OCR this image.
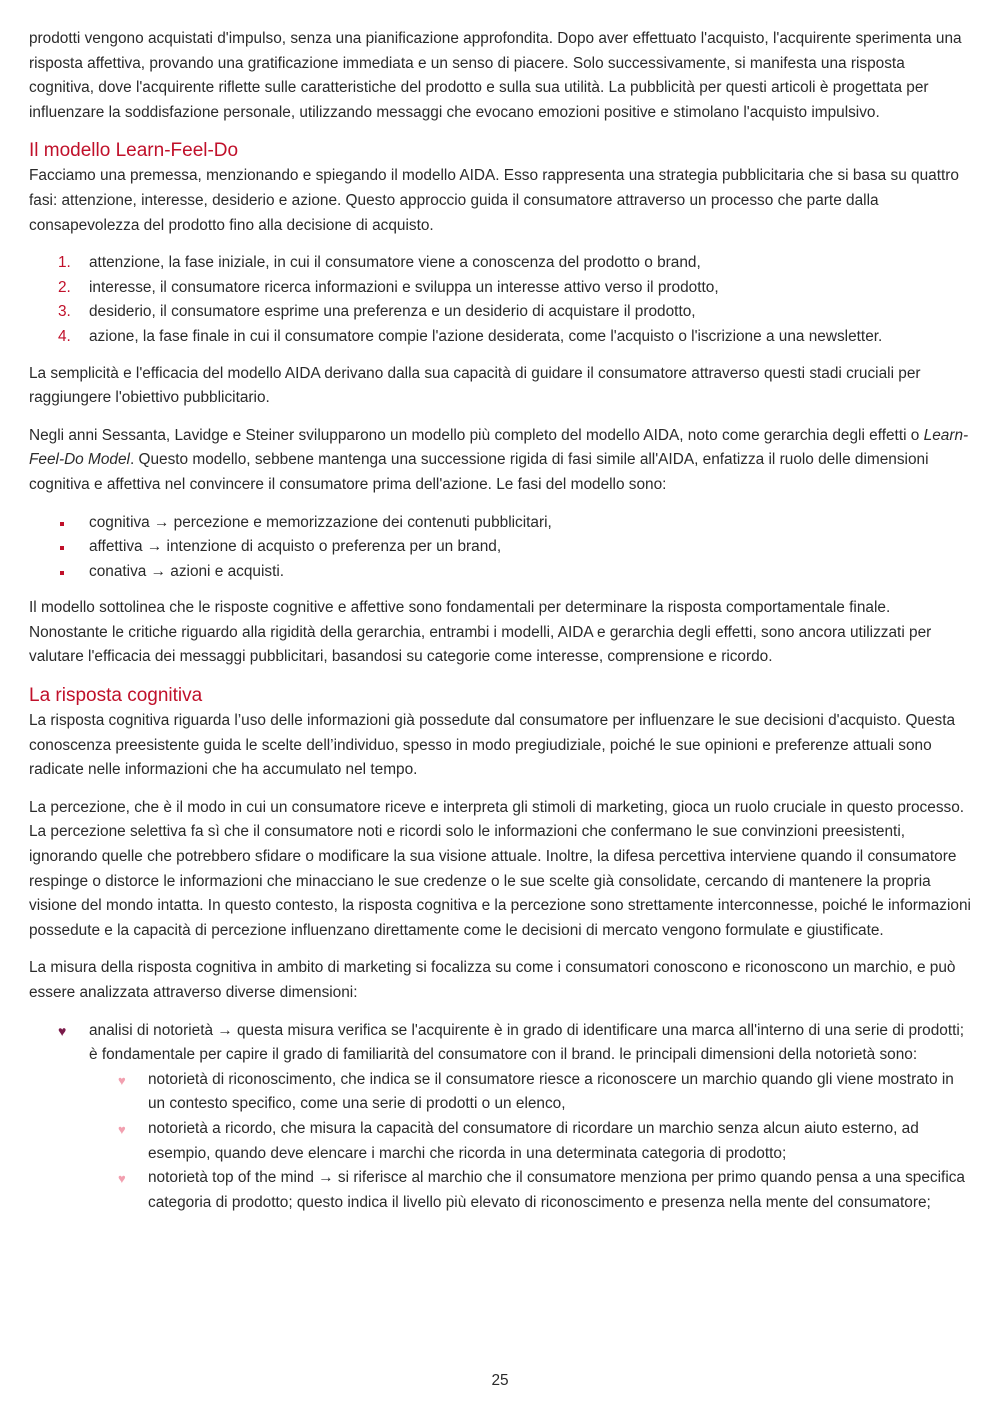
prodotti vengono acquistati d'impulso, senza una pianificazione approfondita. Dopo aver effettuato l'acquisto, l'acquirente sperimenta una risposta affettiva, provando una gratificazione immediata e un senso di piacere. Solo successivamente, si manifesta una risposta cognitiva, dove l'acquirente riflette sulle caratteristiche del prodotto e sulla sua utilità. La pubblicità per questi articoli è progettata per influenzare la soddisfazione personale, utilizzando messaggi che evocano emozioni positive e stimolano l'acquisto impulsivo.

Il modello Learn-Feel-Do

Facciamo una premessa, menzionando e spiegando il modello AIDA. Esso rappresenta una strategia pubblicitaria che si basa su quattro fasi: attenzione, interesse, desiderio e azione. Questo approccio guida il consumatore attraverso un processo che parte dalla consapevolezza del prodotto fino alla decisione di acquisto.

1. attenzione, la fase iniziale, in cui il consumatore viene a conoscenza del prodotto o brand,
2. interesse, il consumatore ricerca informazioni e sviluppa un interesse attivo verso il prodotto,
3. desiderio, il consumatore esprime una preferenza e un desiderio di acquistare il prodotto,
4. azione, la fase finale in cui il consumatore compie l'azione desiderata, come l'acquisto o l'iscrizione a una newsletter.

La semplicità e l'efficacia del modello AIDA derivano dalla sua capacità di guidare il consumatore attraverso questi stadi cruciali per raggiungere l'obiettivo pubblicitario.

Negli anni Sessanta, Lavidge e Steiner svilupparono un modello più completo del modello AIDA, noto come gerarchia degli effetti o Learn-Feel-Do Model. Questo modello, sebbene mantenga una successione rigida di fasi simile all'AIDA, enfatizza il ruolo delle dimensioni cognitiva e affettiva nel convincere il consumatore prima dell'azione. Le fasi del modello sono:

cognitiva → percezione e memorizzazione dei contenuti pubblicitari,
affettiva → intenzione di acquisto o preferenza per un brand,
conativa → azioni e acquisti.

Il modello sottolinea che le risposte cognitive e affettive sono fondamentali per determinare la risposta comportamentale finale. Nonostante le critiche riguardo alla rigidità della gerarchia, entrambi i modelli, AIDA e gerarchia degli effetti, sono ancora utilizzati per valutare l'efficacia dei messaggi pubblicitari, basandosi su categorie come interesse, comprensione e ricordo.

La risposta cognitiva

La risposta cognitiva riguarda l’uso delle informazioni già possedute dal consumatore per influenzare le sue decisioni d'acquisto. Questa conoscenza preesistente guida le scelte dell’individuo, spesso in modo pregiudiziale, poiché le sue opinioni e preferenze attuali sono radicate nelle informazioni che ha accumulato nel tempo.

La percezione, che è il modo in cui un consumatore riceve e interpreta gli stimoli di marketing, gioca un ruolo cruciale in questo processo. La percezione selettiva fa sì che il consumatore noti e ricordi solo le informazioni che confermano le sue convinzioni preesistenti, ignorando quelle che potrebbero sfidare o modificare la sua visione attuale. Inoltre, la difesa percettiva interviene quando il consumatore respinge o distorce le informazioni che minacciano le sue credenze o le sue scelte già consolidate, cercando di mantenere la propria visione del mondo intatta. In questo contesto, la risposta cognitiva e la percezione sono strettamente interconnesse, poiché le informazioni possedute e la capacità di percezione influenzano direttamente come le decisioni di mercato vengono formulate e giustificate.

La misura della risposta cognitiva in ambito di marketing si focalizza su come i consumatori conoscono e riconoscono un marchio, e può essere analizzata attraverso diverse dimensioni:

♥ analisi di notorietà → questa misura verifica se l'acquirente è in grado di identificare una marca all'interno di una serie di prodotti; è fondamentale per capire il grado di familiarità del consumatore con il brand. le principali dimensioni della notorietà sono:
♥ notorietà di riconoscimento, che indica se il consumatore riesce a riconoscere un marchio quando gli viene mostrato in un contesto specifico, come una serie di prodotti o un elenco,
♥ notorietà a ricordo, che misura la capacità del consumatore di ricordare un marchio senza alcun aiuto esterno, ad esempio, quando deve elencare i marchi che ricorda in una determinata categoria di prodotto;
♥ notorietà top of the mind → si riferisce al marchio che il consumatore menziona per primo quando pensa a una specifica categoria di prodotto; questo indica il livello più elevato di riconoscimento e presenza nella mente del consumatore;
25
